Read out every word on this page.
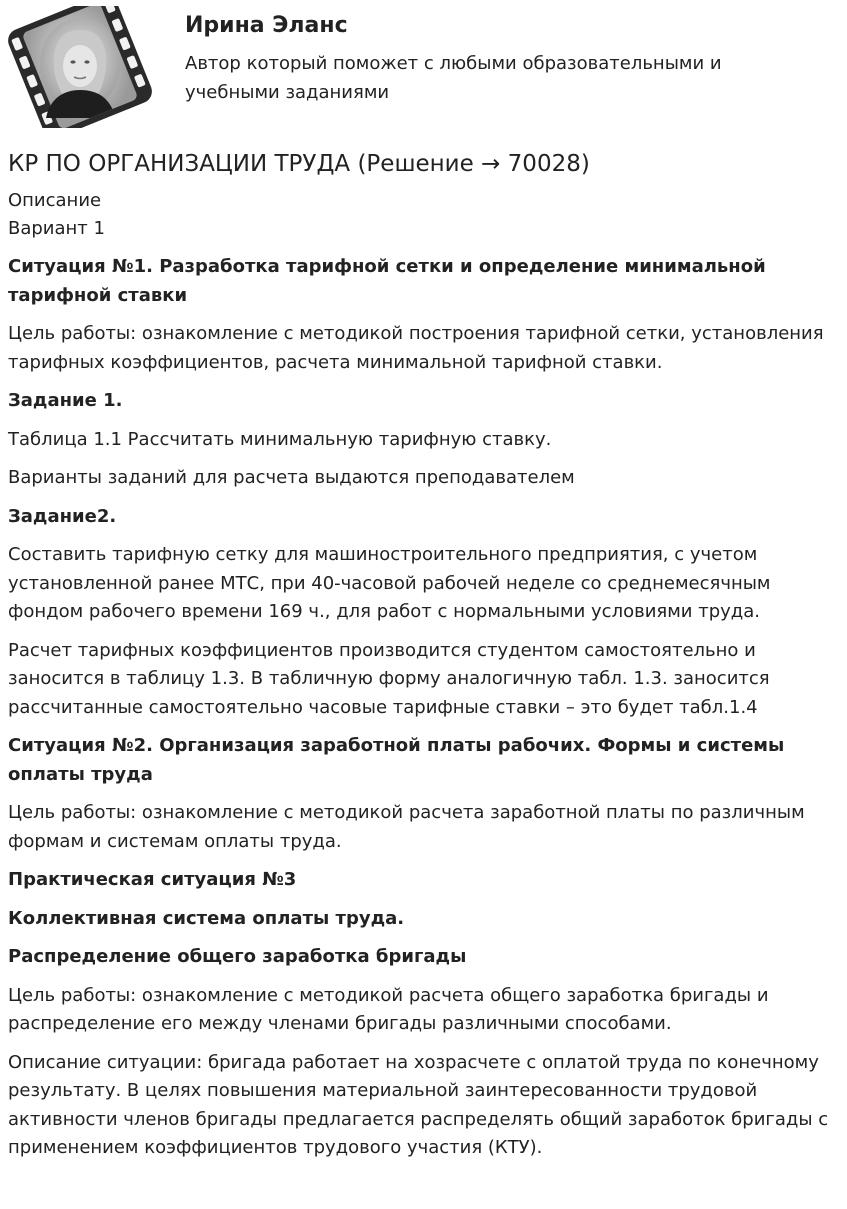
Ирина Эланс
Автор который поможет с любыми образовательными и учебными заданиями
КР ПО ОРГАНИЗАЦИИ ТРУДА (Решение → 70028)

Описание

Вариант 1

Ситуация №1. Разработка тарифной сетки и определение минимальной тарифной ставки

Цель работы: ознакомление с методикой построения тарифной сетки, установления тарифных коэффициентов, расчета минимальной тарифной ставки.

Задание 1.

Таблица 1.1 Рассчитать минимальную тарифную ставку.

Варианты заданий для расчета выдаются преподавателем

Задание2.

Составить тарифную сетку для машиностроительного предприятия, с учетом установленной ранее МТС, при 40-часовой рабочей неделе со среднемесячным фондом рабочего времени 169 ч., для работ с нормальными условиями труда.

Расчет тарифных коэффициентов производится студентом самостоятельно и заносится в таблицу 1.3. В табличную форму аналогичную табл. 1.3. заносится рассчитанные самостоятельно часовые тарифные ставки – это будет табл.1.4

Ситуация №2. Организация заработной платы рабочих. Формы и системы оплаты труда

Цель работы: ознакомление с методикой расчета заработной платы по различным формам и системам оплаты труда.

Практическая ситуация №3

Коллективная система оплаты труда.

Распределение общего заработка бригады

Цель работы: ознакомление с методикой расчета общего заработка бригады и распределение его между членами бригады различными способами.

Описание ситуации: бригада работает на хозрасчете с оплатой труда по конечному результату. В целях повышения материальной заинтересованности трудовой активности членов бригады предлагается распределять общий заработок бригады с применением коэффициентов трудового участия (КТУ).
